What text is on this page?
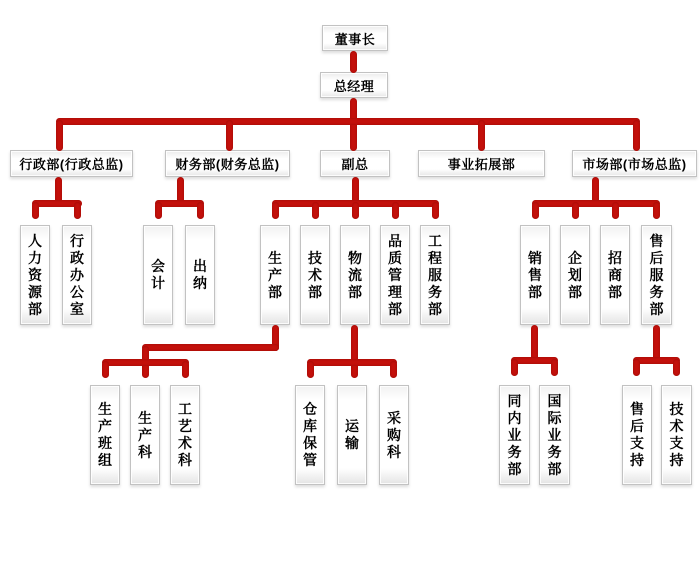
董事长
总经理
行政部(行政总监)	财务部(财务总监)	副总	事业拓展部	市场部(市场总监)
人力资源部
行政办公室
会计
出纳
生产部
技术部
物流部
品质管理部
工程服务部
销售部
企划部
招商部
售后服务部
生产班组
生产科
工艺术科
仓库保管
运输
采购科
同内业务部
国际业务部
售后支持
技术支持
